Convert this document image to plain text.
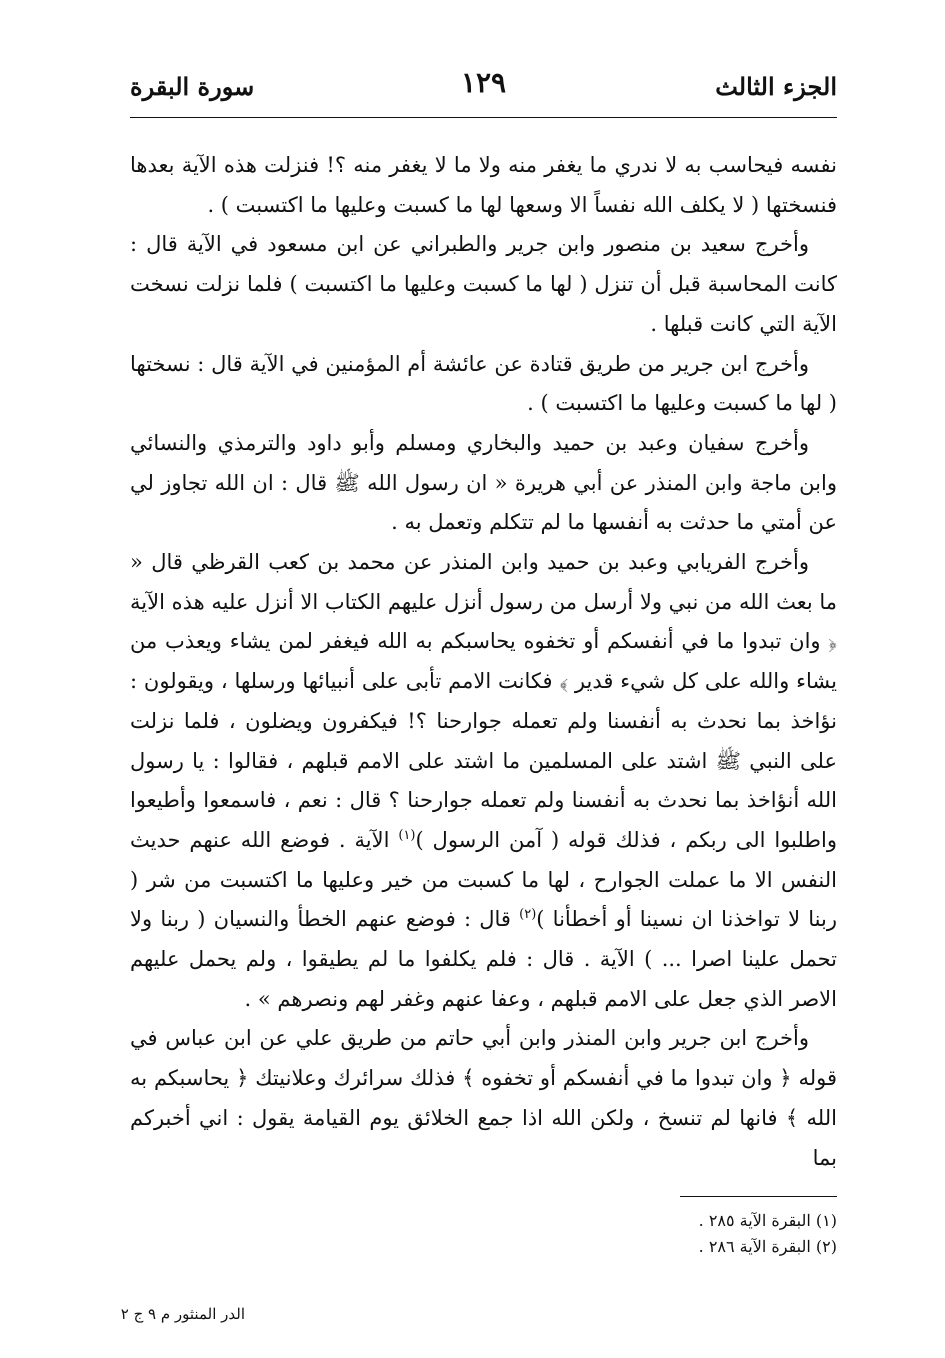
الجزء الثالث
١٢٩
سورة البقرة

نفسه فيحاسب به لا ندري ما يغفر منه ولا ما لا يغفر منه ؟! فنزلت هذه الآية بعدها فنسختها ( لا يكلف الله نفساً الا وسعها لها ما كسبت وعليها ما اكتسبت ) .

وأخرج سعيد بن منصور وابن جرير والطبراني عن ابن مسعود في الآية قال : كانت المحاسبة قبل أن تنزل ( لها ما كسبت وعليها ما اكتسبت ) فلما نزلت نسخت الآية التي كانت قبلها .

وأخرج ابن جرير من طريق قتادة عن عائشة أم المؤمنين في الآية قال : نسختها ( لها ما كسبت وعليها ما اكتسبت ) .

وأخرج سفيان وعبد بن حميد والبخاري ومسلم وأبو داود والترمذي والنسائي وابن ماجة وابن المنذر عن أبي هريرة « ان رسول الله ﷺ قال : ان الله تجاوز لي عن أمتي ما حدثت به أنفسها ما لم تتكلم وتعمل به .

وأخرج الفريابي وعبد بن حميد وابن المنذر عن محمد بن كعب القرظي قال « ما بعث الله من نبي ولا أرسل من رسول أنزل عليهم الكتاب الا أنزل عليه هذه الآية ﴿ وان تبدوا ما في أنفسكم أو تخفوه يحاسبكم به الله فيغفر لمن يشاء ويعذب من يشاء والله على كل شيء قدير ﴾ فكانت الامم تأبى على أنبيائها ورسلها ، ويقولون : نؤاخذ بما نحدث به أنفسنا ولم تعمله جوارحنا ؟! فيكفرون ويضلون ، فلما نزلت على النبي ﷺ اشتد على المسلمين ما اشتد على الامم قبلهم ، فقالوا : يا رسول الله أنؤاخذ بما نحدث به أنفسنا ولم تعمله جوارحنا ؟ قال : نعم ، فاسمعوا وأطيعوا واطلبوا الى ربكم ، فذلك قوله ( آمن الرسول )$^{(١)}$ الآية . فوضع الله عنهم حديث النفس الا ما عملت الجوارح ، لها ما كسبت من خير وعليها ما اكتسبت من شر ( ربنا لا تواخذنا ان نسينا أو أخطأنا )$^{(٢)}$ قال : فوضع عنهم الخطأ والنسيان ( ربنا ولا تحمل علينا اصرا ... ) الآية . قال : فلم يكلفوا ما لم يطيقوا ، ولم يحمل عليهم الاصر الذي جعل على الامم قبلهم ، وعفا عنهم وغفر لهم ونصرهم » .

وأخرج ابن جرير وابن المنذر وابن أبي حاتم من طريق علي عن ابن عباس في قوله ﴿ وان تبدوا ما في أنفسكم أو تخفوه ﴾ فذلك سرائرك وعلانيتك ﴿ يحاسبكم به الله ﴾ فانها لم تنسخ ، ولكن الله اذا جمع الخلائق يوم القيامة يقول : اني أخبركم بما

(١) البقرة الآية ٢٨٥ .
(٢) البقرة الآية ٢٨٦ .
الدر المنثور م ٩ ج ٢
